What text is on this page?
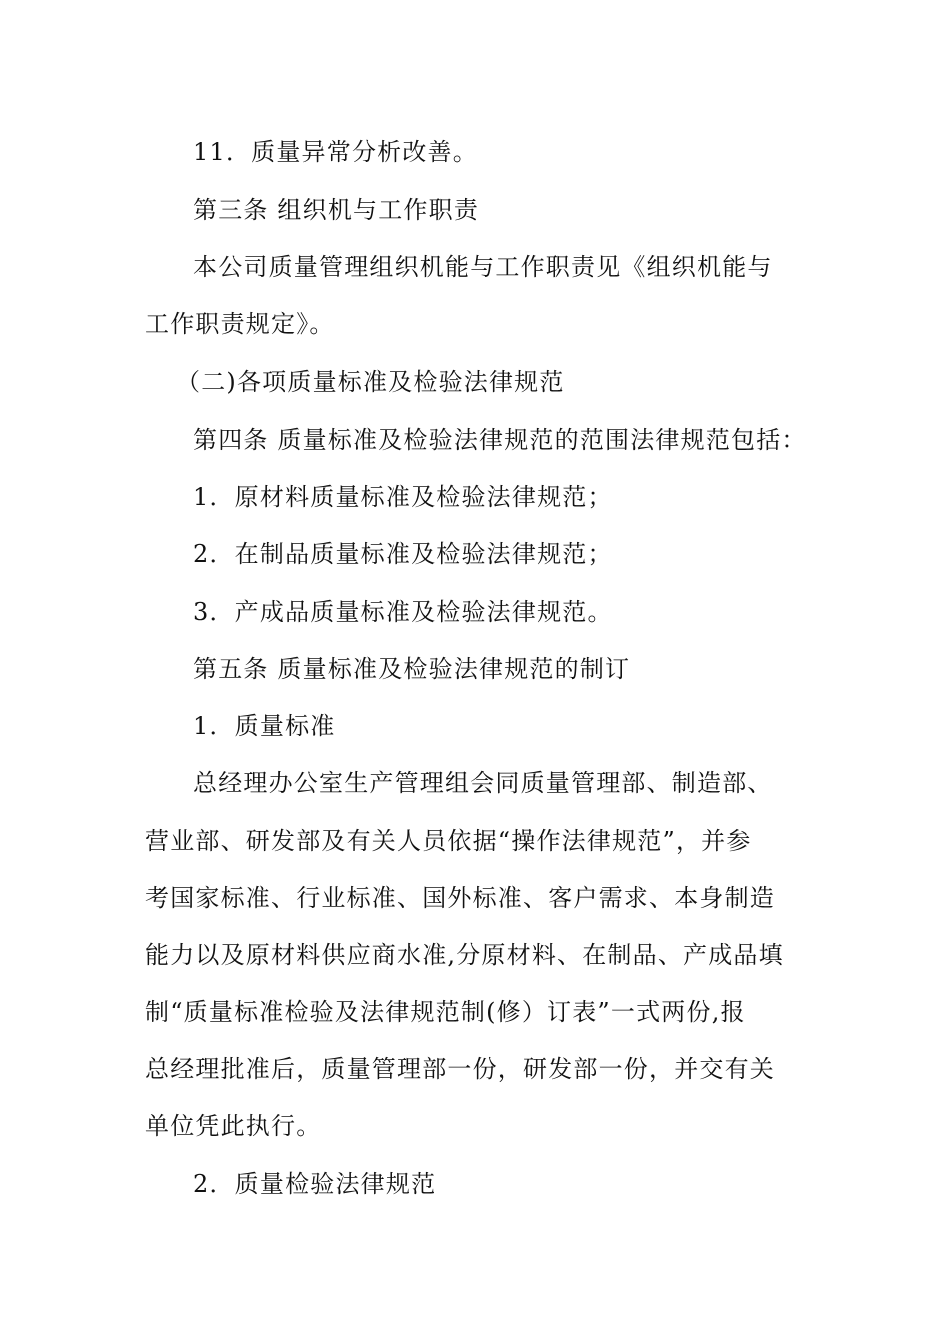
11．质量异常分析改善。
第三条 组织机与工作职责
本公司质量管理组织机能与工作职责见《组织机能与
工作职责规定》。
（二)各项质量标准及检验法律规范
第四条 质量标准及检验法律规范的范围法律规范包括：
1．原材料质量标准及检验法律规范；
2．在制品质量标准及检验法律规范；
3．产成品质量标准及检验法律规范。
第五条 质量标准及检验法律规范的制订
1．质量标准
总经理办公室生产管理组会同质量管理部、制造部、
营业部、研发部及有关人员依据“操作法律规范”，并参
考国家标准、行业标准、国外标准、客户需求、本身制造
能力以及原材料供应商水准,分原材料、在制品、产成品填
制“质量标准检验及法律规范制(修）订表”一式两份,报
总经理批准后，质量管理部一份，研发部一份，并交有关
单位凭此执行。
2．质量检验法律规范
